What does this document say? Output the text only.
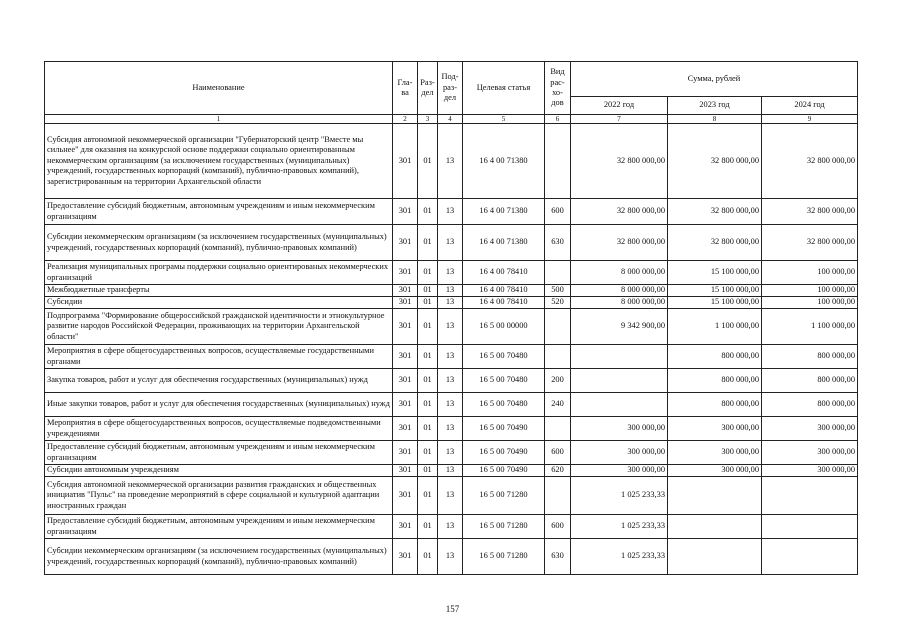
Наименование	Гла-ва	Раз-дел	Под-раз-дел	Целевая статья	Вид рас-хо-дов	Сумма, рублей		
						2022 год	2023 год	2024 год
1	2	3	4	5	6	7	8	9
Субсидия автономной некоммерческой организации "Губернаторский центр "Вместе мы сильнее" для оказания на конкурсной основе поддержки социально ориентированным некоммерческим организациям (за исключением государственных (муниципальных) учреждений, государственных корпораций (компаний), публично-правовых компаний), зарегистрированным на территории Архангельской области	301	01	13	16 4 00 71380		32 800 000,00	32 800 000,00	32 800 000,00
Предоставление субсидий бюджетным, автономным учреждениям и иным некоммерческим организациям	301	01	13	16 4 00 71380	600	32 800 000,00	32 800 000,00	32 800 000,00
Субсидии некоммерческим организациям (за исключением государственных (муниципальных) учреждений, государственных корпораций (компаний), публично-правовых компаний)	301	01	13	16 4 00 71380	630	32 800 000,00	32 800 000,00	32 800 000,00
Реализация муниципальных програмы поддержки социально ориентированых некоммерческих организаций	301	01	13	16 4 00 78410		8 000 000,00	15 100 000,00	100 000,00
Межбюджетные трансферты	301	01	13	16 4 00 78410	500	8 000 000,00	15 100 000,00	100 000,00
Субсидии	301	01	13	16 4 00 78410	520	8 000 000,00	15 100 000,00	100 000,00
Подпрограмма "Формирование общероссийской гражданской идентичности и этнокультурное развитие народов Российской Федерации, проживающих на территории Архангельской области"	301	01	13	16 5 00 00000		9 342 900,00	1 100 000,00	1 100 000,00
Мероприятия в сфере общегосударственных вопросов, осуществляемые государственными органами	301	01	13	16 5 00 70480			800 000,00	800 000,00
Закупка товаров, работ и услуг для обеспечения государственных (муниципальных) нужд	301	01	13	16 5 00 70480	200		800 000,00	800 000,00
Иные закупки товаров, работ и услуг для обеспечения государственных (муниципальных) нужд	301	01	13	16 5 00 70480	240		800 000,00	800 000,00
Мероприятия в сфере общегосударственных вопросов, осуществляемые подведомственными учреждениями	301	01	13	16 5 00 70490		300 000,00	300 000,00	300 000,00
Предоставление субсидий бюджетным, автономным учреждениям и иным некоммерческим организациям	301	01	13	16 5 00 70490	600	300 000,00	300 000,00	300 000,00
Субсидии автономным учреждениям	301	01	13	16 5 00 70490	620	300 000,00	300 000,00	300 000,00
Субсидия автономной некоммерческой организации развития гражданских и общественных инициатив "Пульс" на проведение мероприятий в сфере социальной и культурной адаптации иностранных граждан	301	01	13	16 5 00 71280		1 025 233,33		
Предоставление субсидий бюджетным, автономным учреждениям и иным некоммерческим организациям	301	01	13	16 5 00 71280	600	1 025 233,33		
Субсидии некоммерческим организациям (за исключением государственных (муниципальных) учреждений, государственных корпораций (компаний), публично-правовых компаний)	301	01	13	16 5 00 71280	630	1 025 233,33		
157
